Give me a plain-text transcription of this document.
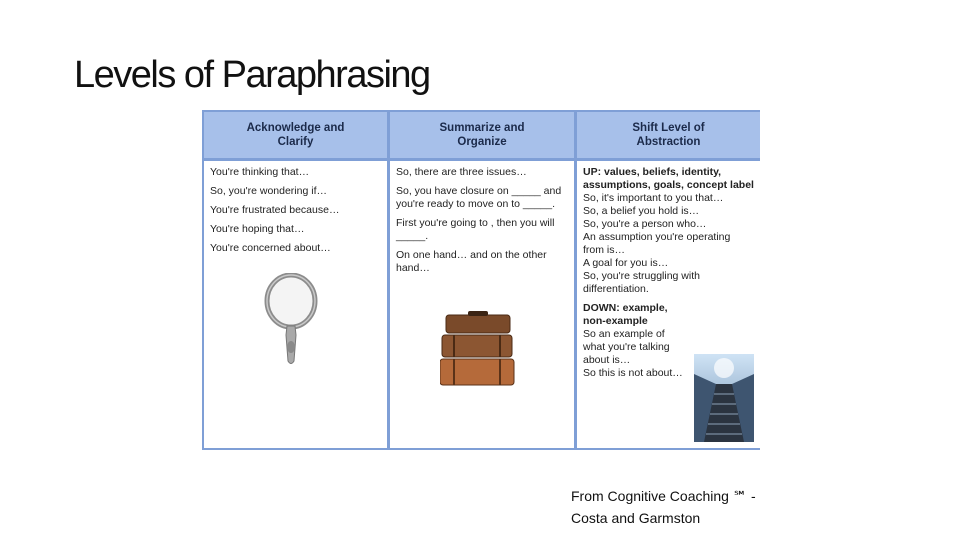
Levels of Paraphrasing
Acknowledge and Clarify
You're thinking that…
So, you're wondering if…
You're frustrated because…
You're hoping that…
You're concerned about…
Summarize and Organize
So, there are three issues…
So, you have closure on _____ and you're ready to move on to _____.
First you're going to , then you will _____.
On one hand… and on the other hand…
Shift Level of Abstraction

UP: values, beliefs, identity, assumptions, goals, concept label

So, it's important to you that…

So, a belief you hold is…

So, you're a person who…

An assumption you're operating from is…

A goal for you is…

So, you're struggling with differentiation.

DOWN: example, non-example

So an example of what you're talking about is…

So this is not about…

From Cognitive Coaching ℠ -
Costa and Garmston
